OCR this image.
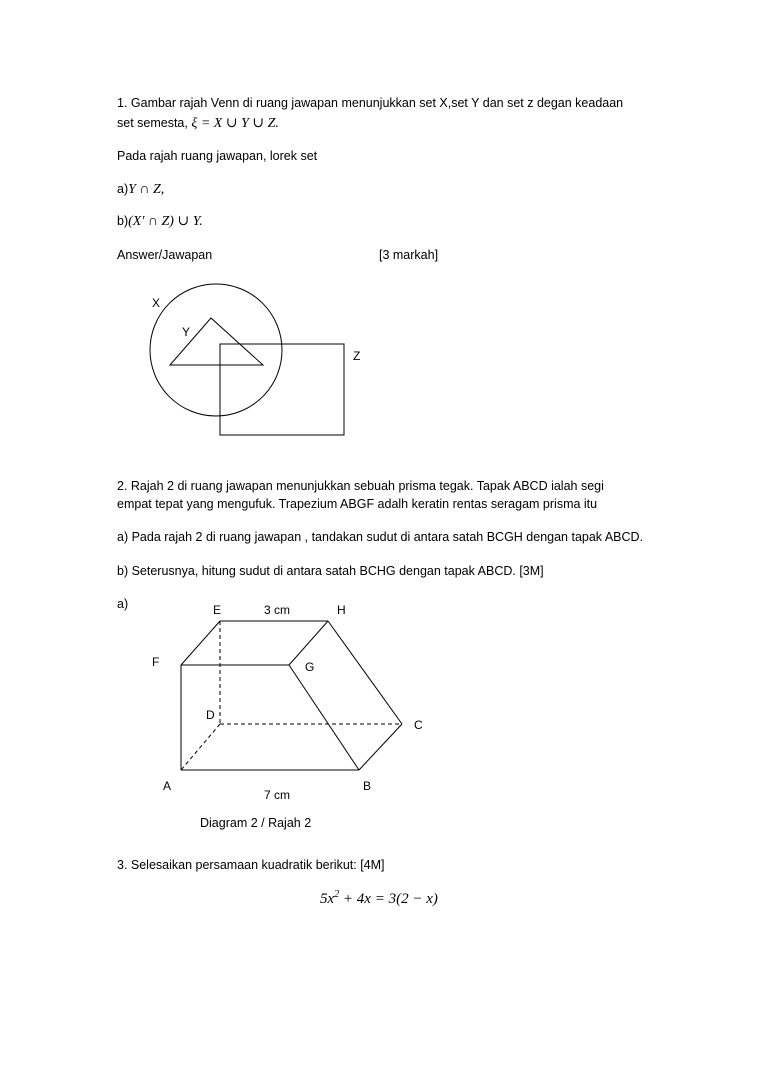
1. Gambar rajah Venn di ruang jawapan menunjukkan set X,set Y dan set z degan keadaan
set semesta, ξ = X ∪ Y ∪ Z.
Pada rajah ruang jawapan, lorek set
a)Y ∩ Z,
b)(X′ ∩ Z) ∪ Y.
Answer/Jawapan	[3 markah]
X
Y
Z
2. Rajah 2 di ruang jawapan menunjukkan sebuah prisma tegak. Tapak ABCD ialah segi
empat tepat yang mengufuk. Trapezium ABGF adalh keratin rentas seragam prisma itu
a) Pada rajah 2 di ruang jawapan , tandakan sudut di antara satah BCGH dengan tapak ABCD.
b) Seterusnya, hitung sudut di antara satah BCHG dengan tapak ABCD. [3M]
a)	E	3 cm	H
F	G
D
C
A	B
7 cm
Diagram 2 / Rajah 2
3. Selesaikan persamaan kuadratik berikut: [4M]
$5x^2 + 4x = 3(2 - x)$
